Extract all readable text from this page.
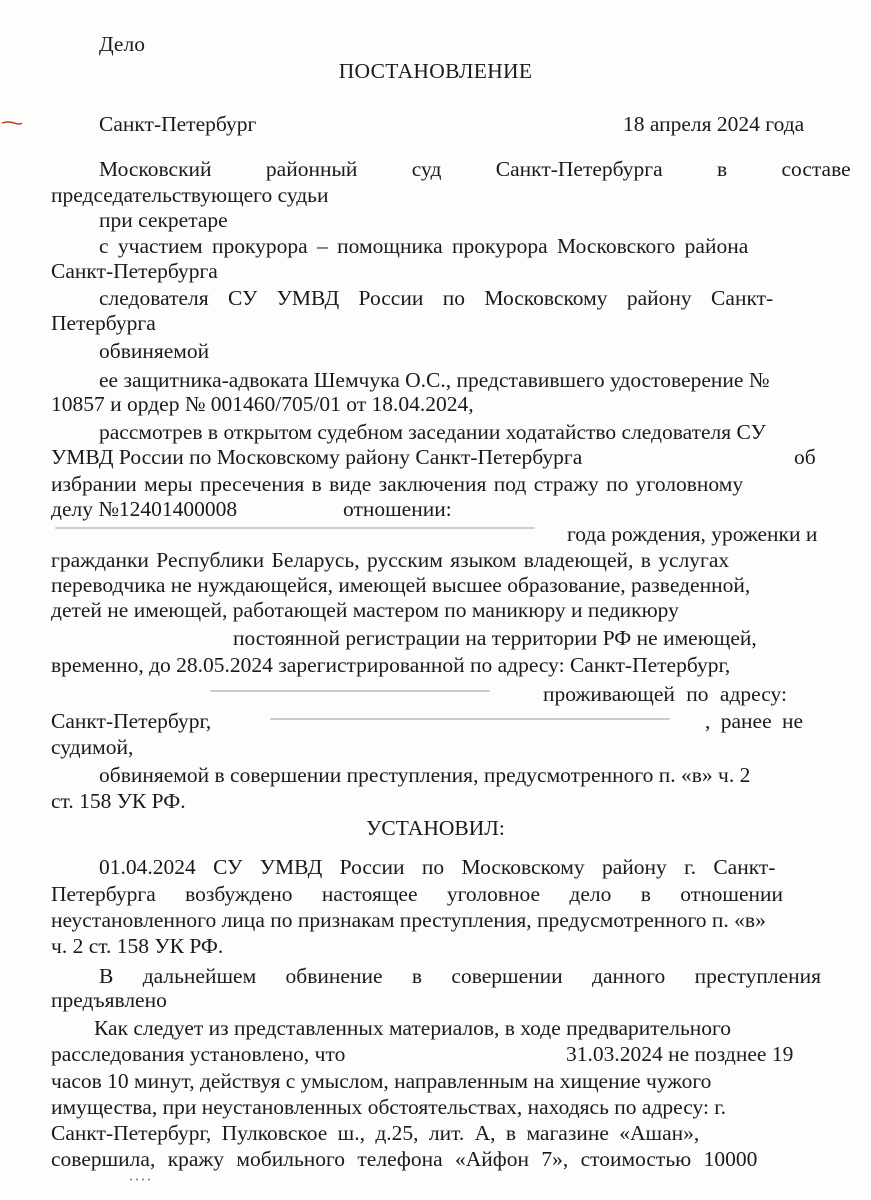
Дело
ПОСТАНОВЛЕНИЕ
Санкт-Петербург	18 апреля 2024 года
Московский районный суд Санкт-Петербурга в составе
председательствующего судьи
при секретаре
с участием прокурора – помощника прокурора Московского района
Санкт-Петербурга
следователя СУ УМВД России по Московскому району Санкт-
Петербурга
обвиняемой
ее защитника-адвоката Шемчука О.С., представившего удостоверение №
10857 и ордер № 001460/705/01 от 18.04.2024,
рассмотрев в открытом судебном заседании ходатайство следователя СУ
УМВД России по Московскому району Санкт-Петербурга	об
избрании меры пресечения в виде заключения под стражу по уголовному
делу №12401400008	отношении:
года рождения, уроженки и
гражданки Республики Беларусь, русским языком владеющей, в услугах
переводчика не нуждающейся, имеющей высшее образование, разведенной,
детей не имеющей, работающей мастером по маникюру и педикюру
постоянной регистрации на территории РФ не имеющей,
временно, до 28.05.2024 зарегистрированной по адресу: Санкт-Петербург,
проживающей по адресу:
Санкт-Петербург,	, ранее не
судимой,
обвиняемой в совершении преступления, предусмотренного п. «в» ч. 2
ст. 158 УК РФ.
УСТАНОВИЛ:
01.04.2024 СУ УМВД России по Московскому району г. Санкт-
Петербурга возбуждено настоящее уголовное дело в отношении
неустановленного лица по признакам преступления, предусмотренного п. «в»
ч. 2 ст. 158 УК РФ.
В дальнейшем обвинение в совершении данного преступления
предъявлено
Как следует из представленных материалов, в ходе предварительного
расследования установлено, что	31.03.2024 не позднее 19
часов 10 минут, действуя с умыслом, направленным на хищение чужого
имущества, при неустановленных обстоятельствах, находясь по адресу: г.
Санкт-Петербург, Пулковское ш., д.25, лит. А, в магазине «Ашан»,
совершила, кражу мобильного телефона «Айфон 7», стоимостью 10000
